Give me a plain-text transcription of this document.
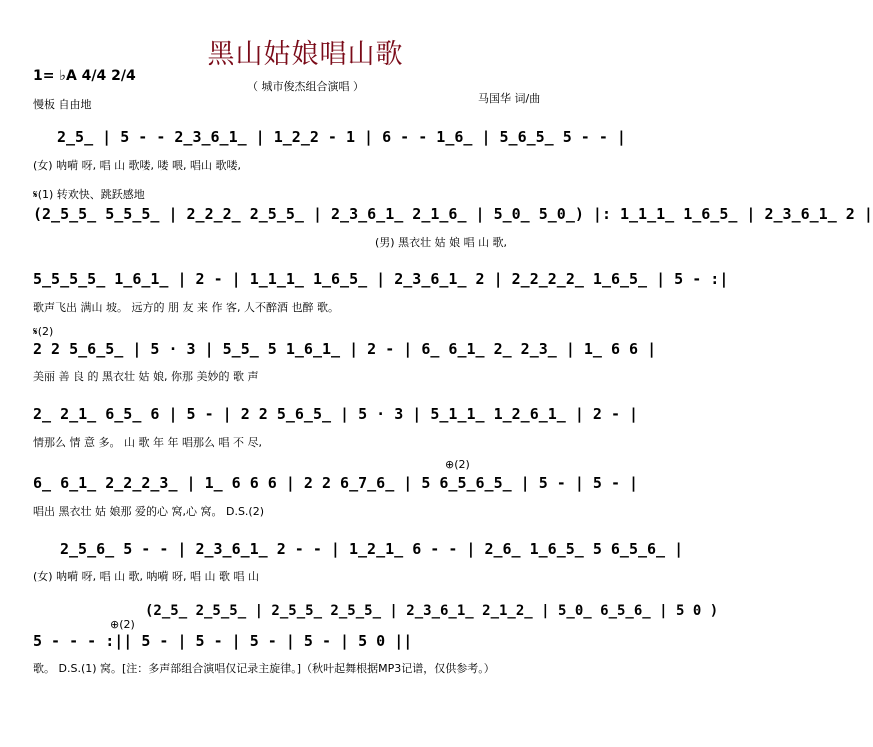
黑山姑娘唱山歌
（ 城市俊杰组合演唱 ）
1= ♭A 4/4 2/4
慢板 自由地	马国华 词/曲
2̲5̲ | 5 - - 2̲3̲6̲1̲ | 1̲2̲2 - 1 | 6 - - 1̲6̲ | 5̲6̲5̲ 5 - - |
(女) 呐嗬 呀, 唱 山 歌喽, 喽 喂, 唱山 歌喽,
𝄋(1) 转欢快、跳跃感地
(2̲5̲5̲ 5̲5̲5̲ | 2̲2̲2̲ 2̲5̲5̲ | 2̲3̲6̲1̲ 2̲1̲6̲ | 5̲0̲ 5̲0̲) |: 1̲1̲1̲ 1̲6̲5̲ | 2̲3̲6̲1̲ 2 |
(男) 黑衣壮 姑 娘 唱 山 歌,
5̲5̲5̲5̲ 1̲6̲1̲ | 2 - | 1̲1̲1̲ 1̲6̲5̲ | 2̲3̲6̲1̲ 2 | 2̲2̲2̲2̲ 1̲6̲5̲ | 5 - :|
歌声飞出 满山 坡。 远方的 朋 友 来 作 客, 人不醉酒 也醉 歌。
𝄋(2)
2 2 5̲6̲5̲ | 5 · 3 | 5̲5̲ 5 1̲6̲1̲ | 2 - | 6̲ 6̲1̲ 2̲ 2̲3̲ | 1̲ 6 6 |
美丽 善 良 的 黑衣壮 姑 娘, 你那 美妙的 歌 声
2̲ 2̲1̲ 6̲5̲ 6 | 5 - | 2 2 5̲6̲5̲ | 5 · 3 | 5̲1̲1̲ 1̲2̲6̲1̲ | 2 - |
情那么 情 意 多。 山 歌 年 年 唱那么 唱 不 尽,
⊕(2)
6̲ 6̲1̲ 2̲2̲2̲3̲ | 1̲ 6 6 6 | 2 2 6̲7̲6̲ | 5 6̲5̲6̲5̲ | 5 - | 5 - |
唱出 黑衣壮 姑 娘那 爱的心 窝,心 窝。 D.S.(2)
2̲5̲6̲ 5 - - | 2̲3̲6̲1̲ 2 - - | 1̲2̲1̲ 6 - - | 2̲6̲ 1̲6̲5̲ 5 6̲5̲6̲ |
(女) 呐嗬 呀, 唱 山 歌, 呐嗬 呀, 唱 山 歌 唱 山
⊕(2)
(2̲5̲ 2̲5̲5̲ | 2̲5̲5̲ 2̲5̲5̲ | 2̲3̲6̲1̲ 2̲1̲2̲ | 5̲0̲ 6̲5̲6̲ | 5 0 )
5 - - - :|| 5 - | 5 - | 5 - | 5 - | 5 0 ||
歌。 D.S.(1) 窝。[注：多声部组合演唱仅记录主旋律。]（秋叶起舞根据MP3记谱，仅供参考。）
